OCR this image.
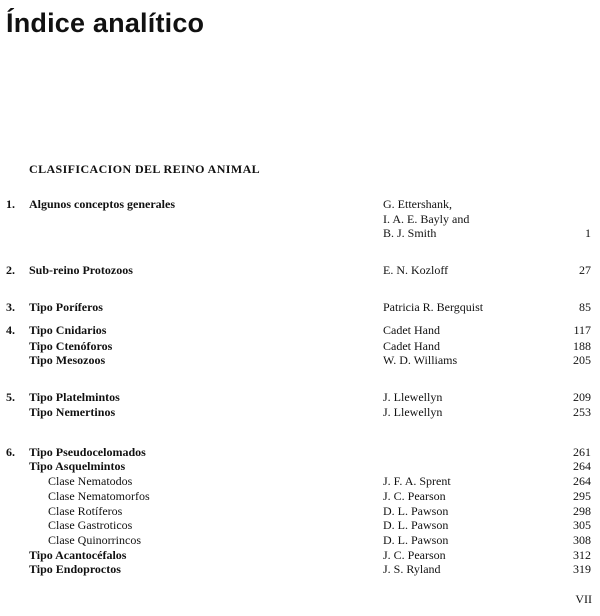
Índice analítico
CLASIFICACION DEL REINO ANIMAL
1. Algunos conceptos generales	G. Ettershank,
I. A. E. Bayly and
B. J. Smith	1
2. Sub-reino Protozoos	E. N. Kozloff	27
3. Tipo Poríferos	Patricia R. Bergquist	85
4. Tipo Cnidarios	Cadet Hand	117
Tipo Ctenóforos	Cadet Hand	188
Tipo Mesozoos	W. D. Williams	205
5. Tipo Platelmintos	J. Llewellyn	209
Tipo Nemertinos	J. Llewellyn	253
6. Tipo Pseudocelomados	261
Tipo Asquelmintos	264
Clase Nematodos	J. F. A. Sprent	264
Clase Nematomorfos	J. C. Pearson	295
Clase Rotíferos	D. L. Pawson	298
Clase Gastroticos	D. L. Pawson	305
Clase Quinorrincos	D. L. Pawson	308
Tipo Acantocéfalos	J. C. Pearson	312
Tipo Endoproctos	J. S. Ryland	319
VII
